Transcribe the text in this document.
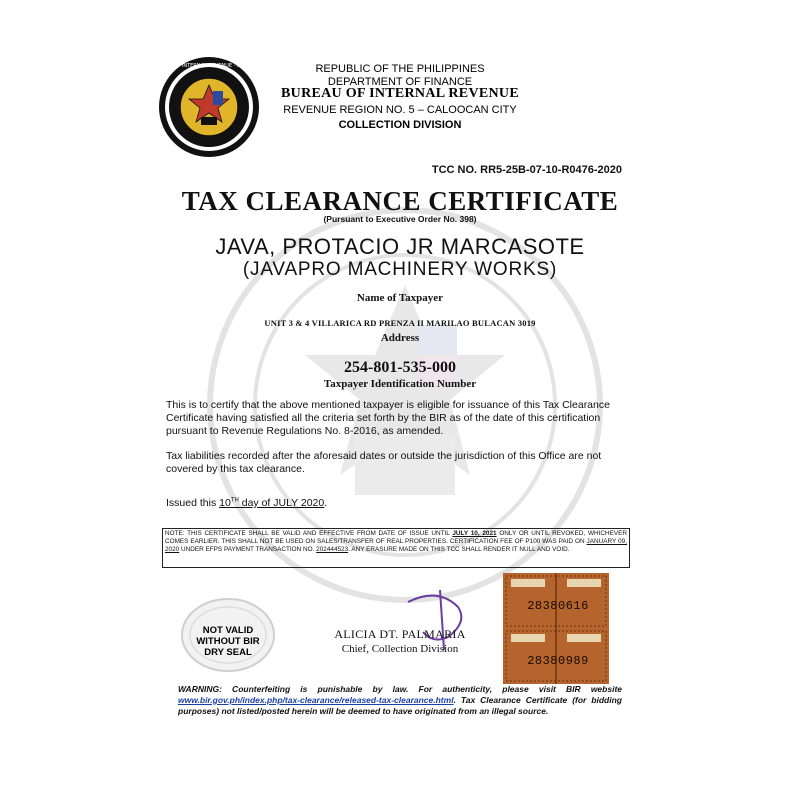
BUREAU OF INTERNAL REVENUE · PHILIPPINES	REPUBLIC OF THE PHILIPPINES
DEPARTMENT OF FINANCE
BUREAU OF INTERNAL REVENUE
REVENUE REGION NO. 5 – CALOOCAN CITY
COLLECTION DIVISION
TCC NO. RR5-25B-07-10-R0476-2020
TAX CLEARANCE CERTIFICATE
(Pursuant to Executive Order No. 398)
JAVA, PROTACIO JR MARCASOTE
(JAVAPRO MACHINERY WORKS)
Name of Taxpayer
UNIT 3 & 4 VILLARICA RD PRENZA II MARILAO BULACAN 3019
Address
254-801-535-000
Taxpayer Identification Number
This is to certify that the above mentioned taxpayer is eligible for issuance of this Tax Clearance Certificate having satisfied all the criteria set forth by the BIR as of the date of this certification pursuant to Revenue Regulations No. 8-2016, as amended.
Tax liabilities recorded after the aforesaid dates or outside the jurisdiction of this Office are not covered by this tax clearance.
Issued this 10TH day of JULY 2020.
NOTE: THIS CERTIFICATE SHALL BE VALID AND EFFECTIVE FROM DATE OF ISSUE UNTIL JULY 10, 2021 ONLY OR UNTIL REVOKED, WHICHEVER COMES EARLIER. THIS SHALL NOT BE USED ON SALES/TRANSFER OF REAL PROPERTIES. CERTIFICATION FEE OF P100 WAS PAID ON JANUARY 09, 2020 UNDER EFPS PAYMENT TRANSACTION NO. 202444523. ANY ERASURE MADE ON THIS TCC SHALL RENDER IT NULL AND VOID.
NOT VALID
WITHOUT BIR
DRY SEAL
ALICIA DT. PALMARIA
Chief, Collection Division
28380616
28380989
WARNING: Counterfeiting is punishable by law. For authenticity, please visit BIR website www.bir.gov.ph/index.php/tax-clearance/released-tax-clearance.html. Tax Clearance Certificate (for bidding purposes) not listed/posted herein will be deemed to have originated from an illegal source.
